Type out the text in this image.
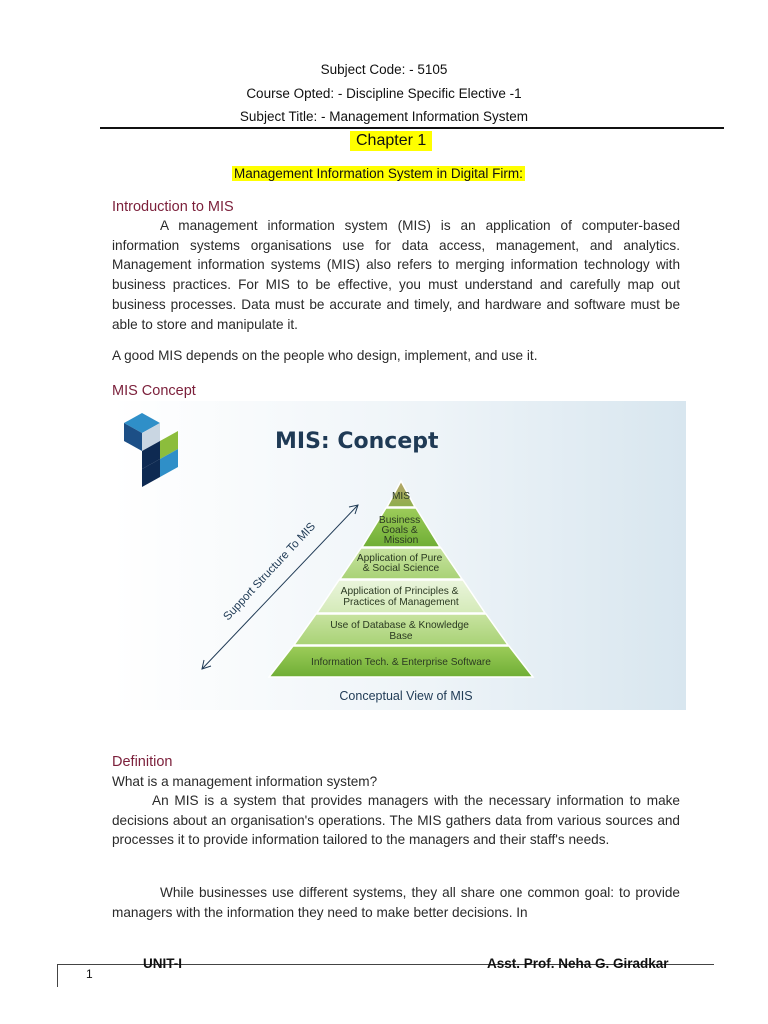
Subject Code: - 5105
Course Opted: - Discipline Specific Elective -1
Subject Title: - Management Information System
Chapter 1
Management Information System in Digital Firm:
Introduction to MIS
A management information system (MIS) is an application of computer-based information systems organisations use for data access, management, and analytics. Management information systems (MIS) also refers to merging information technology with business practices. For MIS to be effective, you must understand and carefully map out business processes. Data must be accurate and timely, and hardware and software must be able to store and manipulate it.
A good MIS depends on the people who design, implement, and use it.
MIS Concept
MIS: Concept
MIS
Business Goals & Mission
Application of Pure & Social Science
Application of Principles & Practices of Management
Use of Database & Knowledge Base
Information Tech. & Enterprise Software
Support Structure To MIS
Conceptual View of MIS
Definition
What is a management information system?
An MIS is a system that provides managers with the necessary information to make decisions about an organisation's operations. The MIS gathers data from various sources and processes it to provide information tailored to the managers and their staff's needs.
While businesses use different systems, they all share one common goal: to provide managers with the information they need to make better decisions. In
1
UNIT-I	Asst. Prof. Neha G. Giradkar
